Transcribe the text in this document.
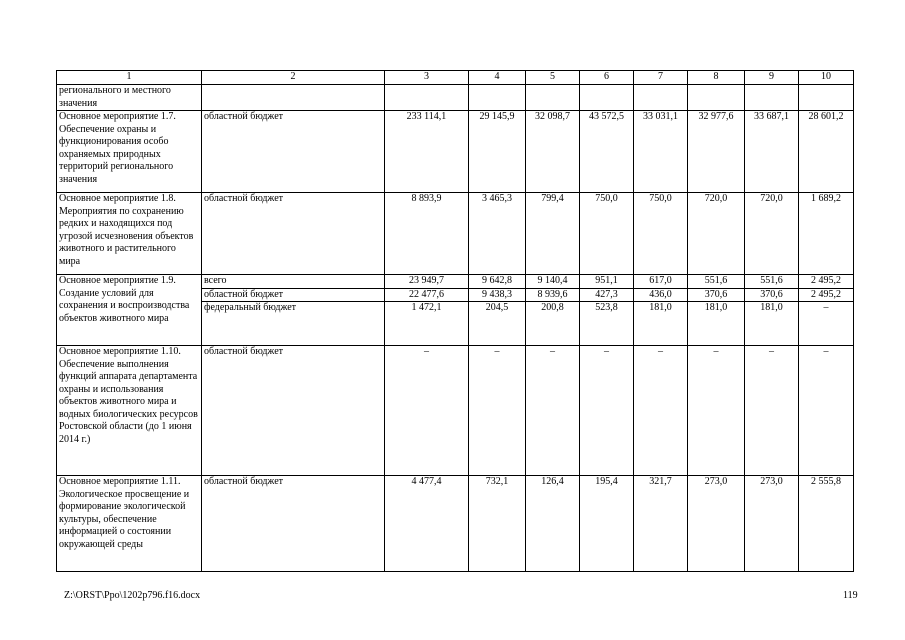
1	2	3	4	5	6	7	8	9	10
регионального и местного значения									
Основное мероприятие 1.7. Обеспечение охраны и функционирования особо охраняемых природных территорий регионального значения	областной бюджет	233 114,1	29 145,9	32 098,7	43 572,5	33 031,1	32 977,6	33 687,1	28 601,2
Основное мероприятие 1.8. Мероприятия по сохранению редких и находящихся под угрозой исчезновения объектов животного и растительного мира	областной бюджет	8 893,9	3 465,3	799,4	750,0	750,0	720,0	720,0	1 689,2
Основное мероприятие 1.9. Создание условий для сохранения и воспроизводства объектов животного мира	всего	23 949,7	9 642,8	9 140,4	951,1	617,0	551,6	551,6	2 495,2
	областной бюджет	22 477,6	9 438,3	8 939,6	427,3	436,0	370,6	370,6	2 495,2
	федеральный бюджет	1 472,1	204,5	200,8	523,8	181,0	181,0	181,0	–
Основное мероприятие 1.10. Обеспечение выполнения функций аппарата департамента охраны и использования объектов животного мира и водных биологических ресурсов Ростовской области (до 1 июня 2014 г.)	областной бюджет	–	–	–	–	–	–	–	–
Основное мероприятие 1.11. Экологическое просвещение и формирование экологической культуры, обеспечение информацией о состоянии окружающей среды	областной бюджет	4 477,4	732,1	126,4	195,4	321,7	273,0	273,0	2 555,8
Z:\ORST\Ppo\1202p796.f16.docx	119
